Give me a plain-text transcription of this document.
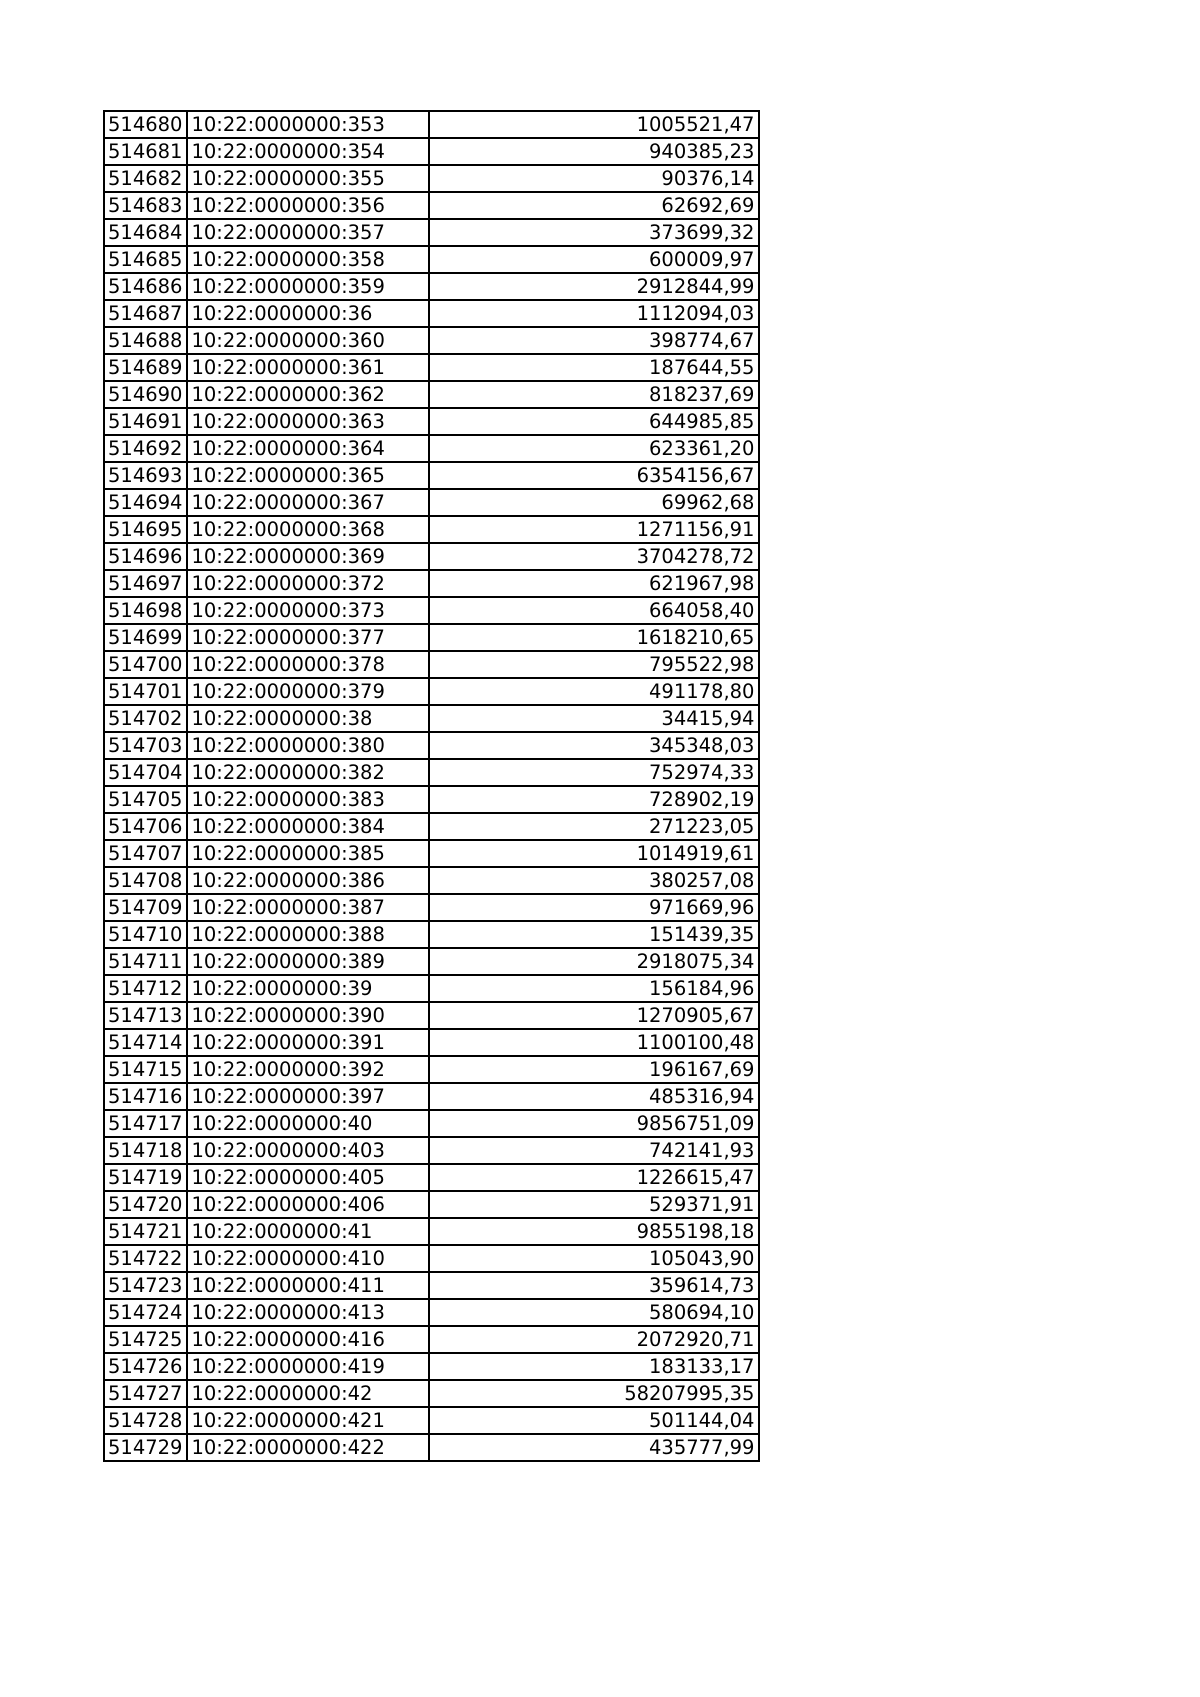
514680	10:22:0000000:353	1005521,47
514681	10:22:0000000:354	940385,23
514682	10:22:0000000:355	90376,14
514683	10:22:0000000:356	62692,69
514684	10:22:0000000:357	373699,32
514685	10:22:0000000:358	600009,97
514686	10:22:0000000:359	2912844,99
514687	10:22:0000000:36	1112094,03
514688	10:22:0000000:360	398774,67
514689	10:22:0000000:361	187644,55
514690	10:22:0000000:362	818237,69
514691	10:22:0000000:363	644985,85
514692	10:22:0000000:364	623361,20
514693	10:22:0000000:365	6354156,67
514694	10:22:0000000:367	69962,68
514695	10:22:0000000:368	1271156,91
514696	10:22:0000000:369	3704278,72
514697	10:22:0000000:372	621967,98
514698	10:22:0000000:373	664058,40
514699	10:22:0000000:377	1618210,65
514700	10:22:0000000:378	795522,98
514701	10:22:0000000:379	491178,80
514702	10:22:0000000:38	34415,94
514703	10:22:0000000:380	345348,03
514704	10:22:0000000:382	752974,33
514705	10:22:0000000:383	728902,19
514706	10:22:0000000:384	271223,05
514707	10:22:0000000:385	1014919,61
514708	10:22:0000000:386	380257,08
514709	10:22:0000000:387	971669,96
514710	10:22:0000000:388	151439,35
514711	10:22:0000000:389	2918075,34
514712	10:22:0000000:39	156184,96
514713	10:22:0000000:390	1270905,67
514714	10:22:0000000:391	1100100,48
514715	10:22:0000000:392	196167,69
514716	10:22:0000000:397	485316,94
514717	10:22:0000000:40	9856751,09
514718	10:22:0000000:403	742141,93
514719	10:22:0000000:405	1226615,47
514720	10:22:0000000:406	529371,91
514721	10:22:0000000:41	9855198,18
514722	10:22:0000000:410	105043,90
514723	10:22:0000000:411	359614,73
514724	10:22:0000000:413	580694,10
514725	10:22:0000000:416	2072920,71
514726	10:22:0000000:419	183133,17
514727	10:22:0000000:42	58207995,35
514728	10:22:0000000:421	501144,04
514729	10:22:0000000:422	435777,99
